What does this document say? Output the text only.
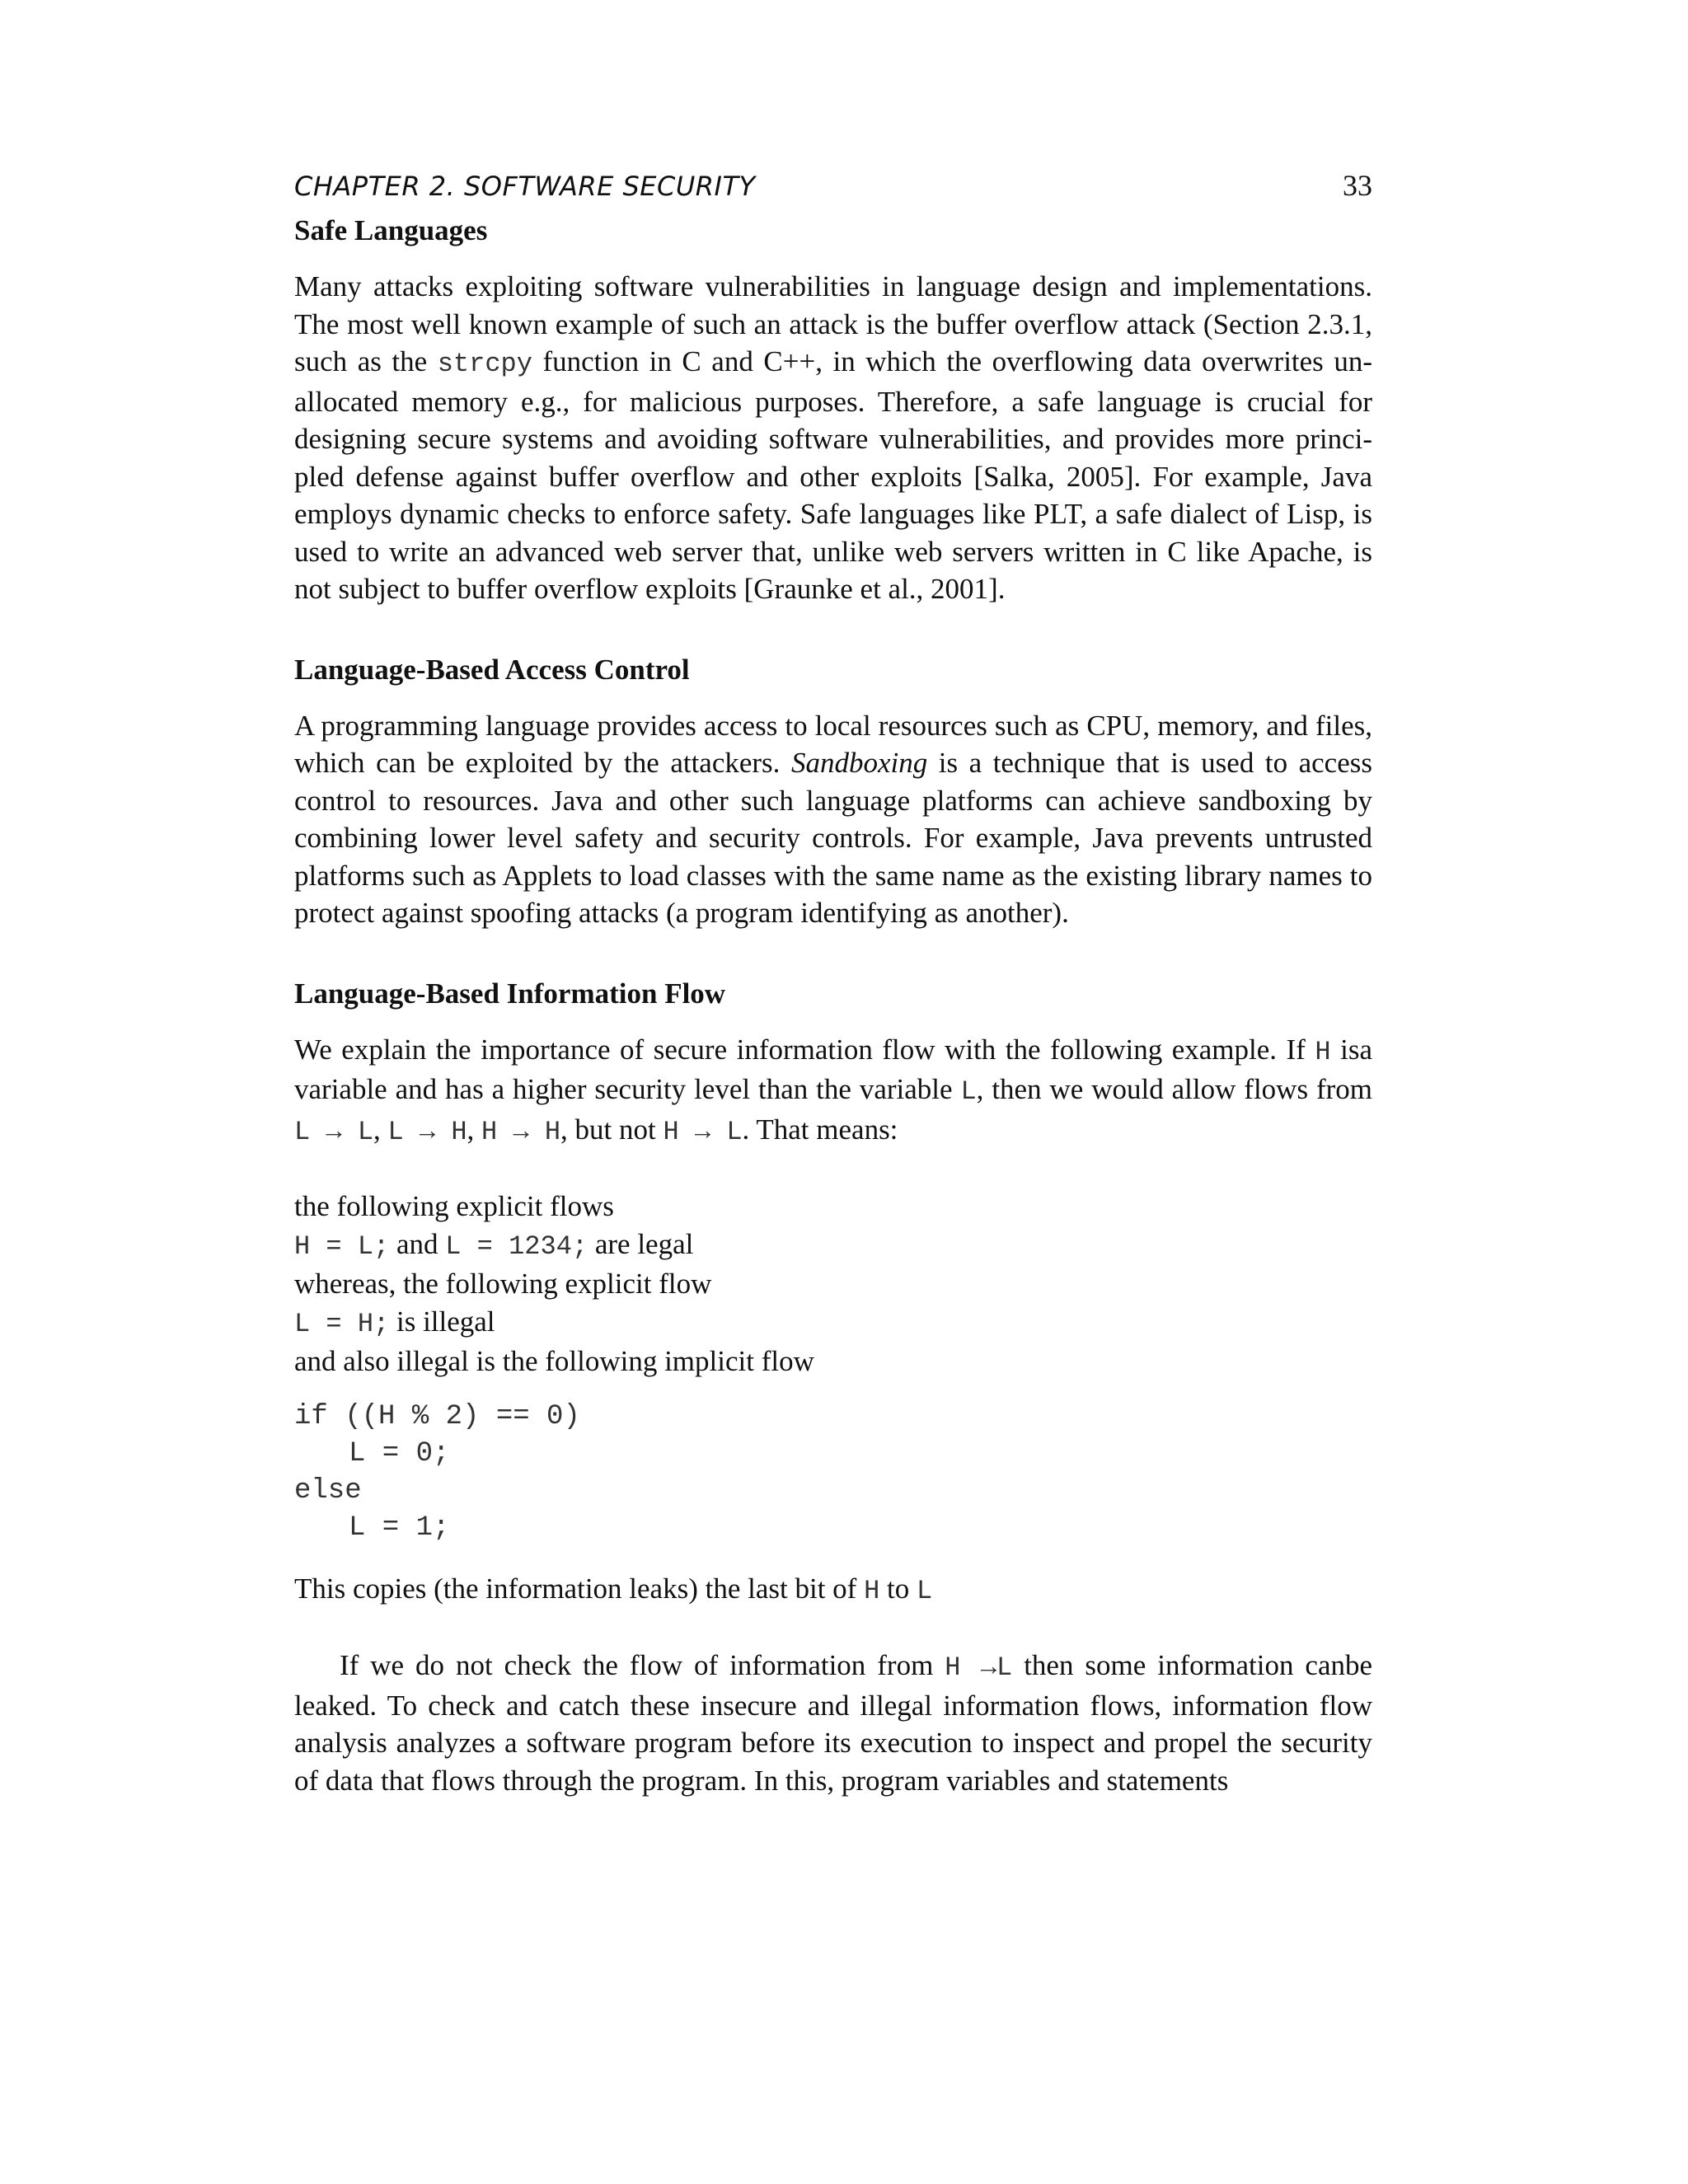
CHAPTER 2. SOFTWARE SECURITY	33
Safe Languages

Many attacks exploiting software vulnerabilities in language design and implementations. The most well known example of such an attack is the buffer overflow attack (Section 2.3.1, such as the strcpy function in C and C++, in which the overflowing data overwrites un-allocated memory e.g., for malicious purposes. Therefore, a safe language is crucial for designing secure systems and avoiding software vulnerabilities, and provides more princi-pled defense against buffer overflow and other exploits [Salka, 2005]. For example, Java employs dynamic checks to enforce safety. Safe languages like PLT, a safe dialect of Lisp, is used to write an advanced web server that, unlike web servers written in C like Apache, is not subject to buffer overflow exploits [Graunke et al., 2001].

Language-Based Access Control

A programming language provides access to local resources such as CPU, memory, and files, which can be exploited by the attackers. Sandboxing is a technique that is used to access control to resources. Java and other such language platforms can achieve sandboxing by combining lower level safety and security controls. For example, Java prevents untrusted platforms such as Applets to load classes with the same name as the existing library names to protect against spoofing attacks (a program identifying as another).

Language-Based Information Flow

We explain the importance of secure information flow with the following example. If H isa variable and has a higher security level than the variable L, then we would allow flows from L → L, L → H, H → H, but not H → L. That means:

the following explicit flows

H = L; and L = 1234; are legal

whereas, the following explicit flow

L = H; is illegal

and also illegal is the following implicit flow

if ((H % 2) == 0)
L = 0;
else
L = 1;

This copies (the information leaks) the last bit of H to L

If we do not check the flow of information from H →L then some information canbe leaked. To check and catch these insecure and illegal information flows, information flow analysis analyzes a software program before its execution to inspect and propel the security of data that flows through the program. In this, program variables and statements
